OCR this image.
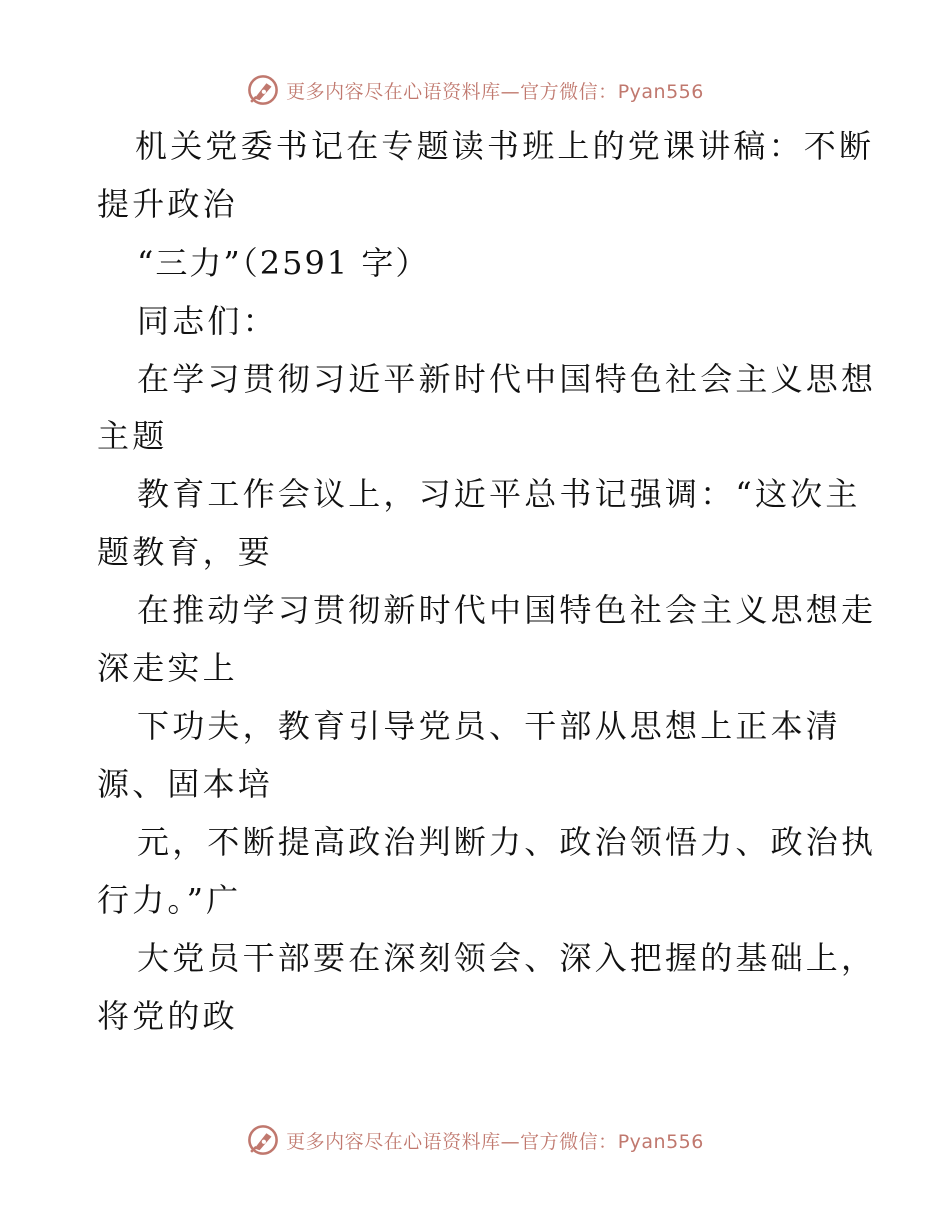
更多内容尽在心语资料库—官方微信：Pyan556
机关党委书记在专题读书班上的党课讲稿：不断
提升政治
“三力”（2591 字）
同志们：
在学习贯彻习近平新时代中国特色社会主义思想
主题
教育工作会议上，习近平总书记强调：“这次主
题教育，要
在推动学习贯彻新时代中国特色社会主义思想走
深走实上
下功夫，教育引导党员、干部从思想上正本清
源、固本培
元，不断提高政治判断力、政治领悟力、政治执
行力。”广
大党员干部要在深刻领会、深入把握的基础上，
将党的政
更多内容尽在心语资料库—官方微信：Pyan556
